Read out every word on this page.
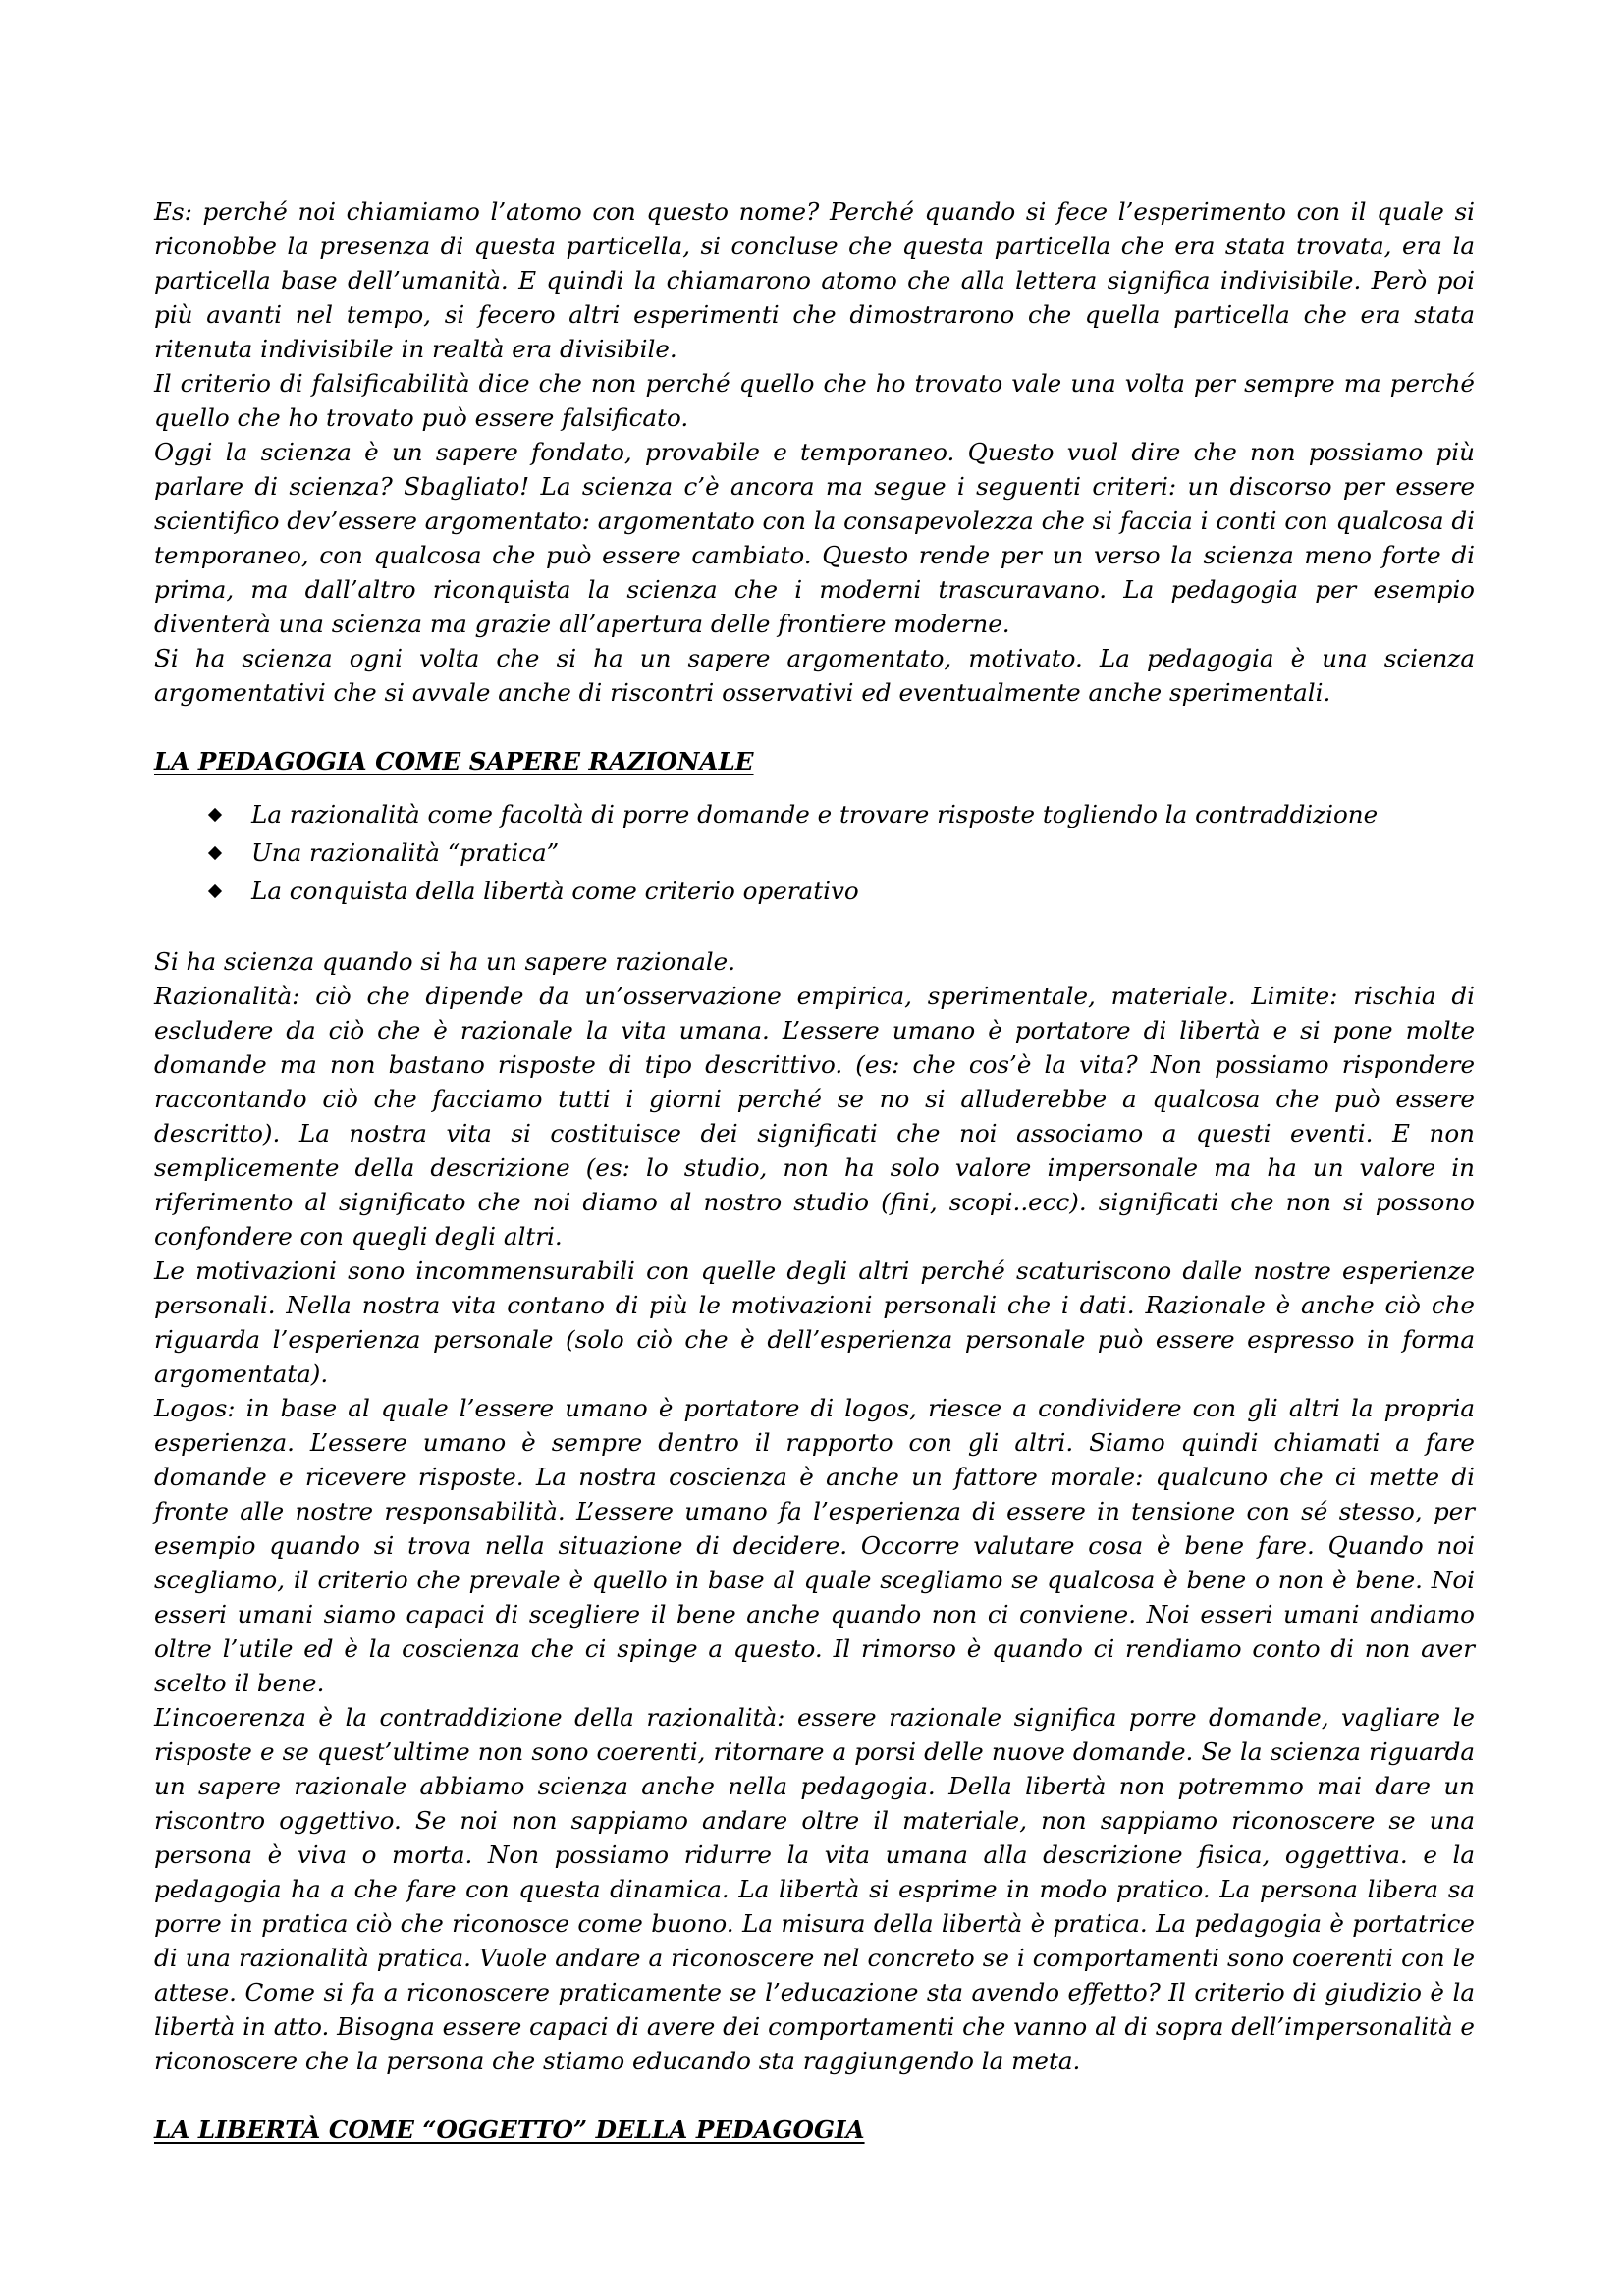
Es: perché noi chiamiamo l’atomo con questo nome? Perché quando si fece l’esperimento con il quale si riconobbe la presenza di questa particella, si concluse che questa particella che era stata trovata, era la particella base dell’umanità. E quindi la chiamarono atomo che alla lettera significa indivisibile. Però poi più avanti nel tempo, si fecero altri esperimenti che dimostrarono che quella particella che era stata ritenuta indivisibile in realtà era divisibile.

Il criterio di falsificabilità dice che non perché quello che ho trovato vale una volta per sempre ma perché quello che ho trovato può essere falsificato.

Oggi la scienza è un sapere fondato, provabile e temporaneo. Questo vuol dire che non possiamo più parlare di scienza? Sbagliato! La scienza c’è ancora ma segue i seguenti criteri: un discorso per essere scientifico dev’essere argomentato: argomentato con la consapevolezza che si faccia i conti con qualcosa di temporaneo, con qualcosa che può essere cambiato. Questo rende per un verso la scienza meno forte di prima, ma dall’altro riconquista la scienza che i moderni trascuravano. La pedagogia per esempio diventerà una scienza ma grazie all’apertura delle frontiere moderne.

Si ha scienza ogni volta che si ha un sapere argomentato, motivato. La pedagogia è una scienza argomentativi che si avvale anche di riscontri osservativi ed eventualmente anche sperimentali.

LA PEDAGOGIA COME SAPERE RAZIONALE

La razionalità come facoltà di porre domande e trovare risposte togliendo la contraddizione
Una razionalità “pratica”
La conquista della libertà come criterio operativo

Si ha scienza quando si ha un sapere razionale.

Razionalità: ciò che dipende da un’osservazione empirica, sperimentale, materiale. Limite: rischia di escludere da ciò che è razionale la vita umana. L’essere umano è portatore di libertà e si pone molte domande ma non bastano risposte di tipo descrittivo. (es: che cos’è la vita? Non possiamo rispondere raccontando ciò che facciamo tutti i giorni perché se no si alluderebbe a qualcosa che può essere descritto). La nostra vita si costituisce dei significati che noi associamo a questi eventi. E non semplicemente della descrizione (es: lo studio, non ha solo valore impersonale ma ha un valore in riferimento al significato che noi diamo al nostro studio (fini, scopi..ecc). significati che non si possono confondere con quegli degli altri.

Le motivazioni sono incommensurabili con quelle degli altri perché scaturiscono dalle nostre esperienze personali. Nella nostra vita contano di più le motivazioni personali che i dati. Razionale è anche ciò che riguarda l’esperienza personale (solo ciò che è dell’esperienza personale può essere espresso in forma argomentata).

Logos: in base al quale l’essere umano è portatore di logos, riesce a condividere con gli altri la propria esperienza. L’essere umano è sempre dentro il rapporto con gli altri. Siamo quindi chiamati a fare domande e ricevere risposte. La nostra coscienza è anche un fattore morale: qualcuno che ci mette di fronte alle nostre responsabilità. L’essere umano fa l’esperienza di essere in tensione con sé stesso, per esempio quando si trova nella situazione di decidere. Occorre valutare cosa è bene fare. Quando noi scegliamo, il criterio che prevale è quello in base al quale scegliamo se qualcosa è bene o non è bene. Noi esseri umani siamo capaci di scegliere il bene anche quando non ci conviene. Noi esseri umani andiamo oltre l’utile ed è la coscienza che ci spinge a questo. Il rimorso è quando ci rendiamo conto di non aver scelto il bene.

L’incoerenza è la contraddizione della razionalità: essere razionale significa porre domande, vagliare le risposte e se quest’ultime non sono coerenti, ritornare a porsi delle nuove domande. Se la scienza riguarda un sapere razionale abbiamo scienza anche nella pedagogia. Della libertà non potremmo mai dare un riscontro oggettivo. Se noi non sappiamo andare oltre il materiale, non sappiamo riconoscere se una persona è viva o morta. Non possiamo ridurre la vita umana alla descrizione fisica, oggettiva. e la pedagogia ha a che fare con questa dinamica. La libertà si esprime in modo pratico. La persona libera sa porre in pratica ciò che riconosce come buono. La misura della libertà è pratica. La pedagogia è portatrice di una razionalità pratica. Vuole andare a riconoscere nel concreto se i comportamenti sono coerenti con le attese. Come si fa a riconoscere praticamente se l’educazione sta avendo effetto? Il criterio di giudizio è la libertà in atto. Bisogna essere capaci di avere dei comportamenti che vanno al di sopra dell’impersonalità e riconoscere che la persona che stiamo educando sta raggiungendo la meta.

LA LIBERTÀ COME “OGGETTO” DELLA PEDAGOGIA
